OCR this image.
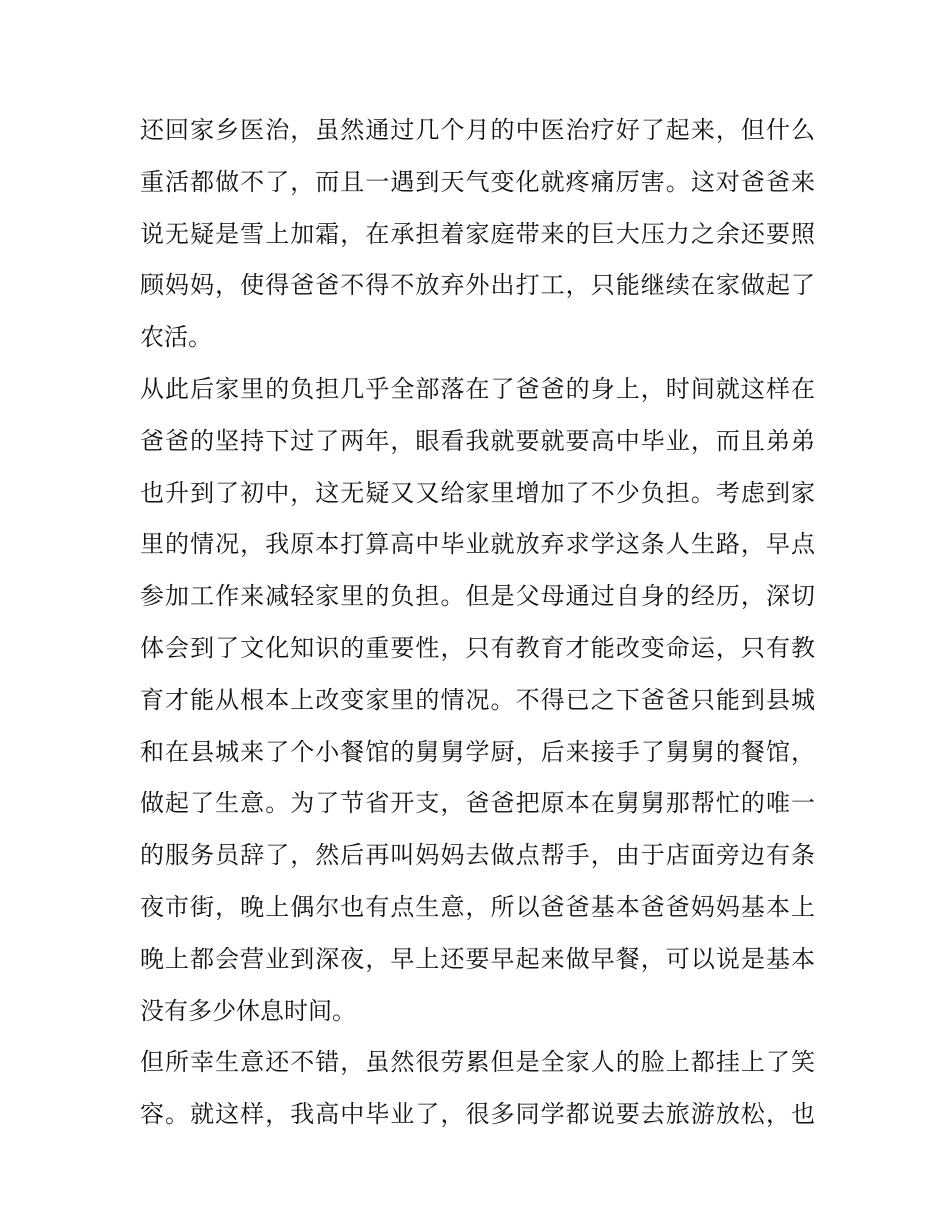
还回家乡医治，虽然通过几个月的中医治疗好了起来，但什么
重活都做不了，而且一遇到天气变化就疼痛厉害。这对爸爸来
说无疑是雪上加霜，在承担着家庭带来的巨大压力之余还要照
顾妈妈，使得爸爸不得不放弃外出打工，只能继续在家做起了
农活。
从此后家里的负担几乎全部落在了爸爸的身上，时间就这样在
爸爸的坚持下过了两年，眼看我就要就要高中毕业，而且弟弟
也升到了初中，这无疑又又给家里增加了不少负担。考虑到家
里的情况，我原本打算高中毕业就放弃求学这条人生路，早点
参加工作来减轻家里的负担。但是父母通过自身的经历，深切
体会到了文化知识的重要性，只有教育才能改变命运，只有教
育才能从根本上改变家里的情况。不得已之下爸爸只能到县城
和在县城来了个小餐馆的舅舅学厨，后来接手了舅舅的餐馆，
做起了生意。为了节省开支，爸爸把原本在舅舅那帮忙的唯一
的服务员辞了，然后再叫妈妈去做点帮手，由于店面旁边有条
夜市街，晚上偶尔也有点生意，所以爸爸基本爸爸妈妈基本上
晚上都会营业到深夜，早上还要早起来做早餐，可以说是基本
没有多少休息时间。
但所幸生意还不错，虽然很劳累但是全家人的脸上都挂上了笑
容。就这样，我高中毕业了，很多同学都说要去旅游放松，也
